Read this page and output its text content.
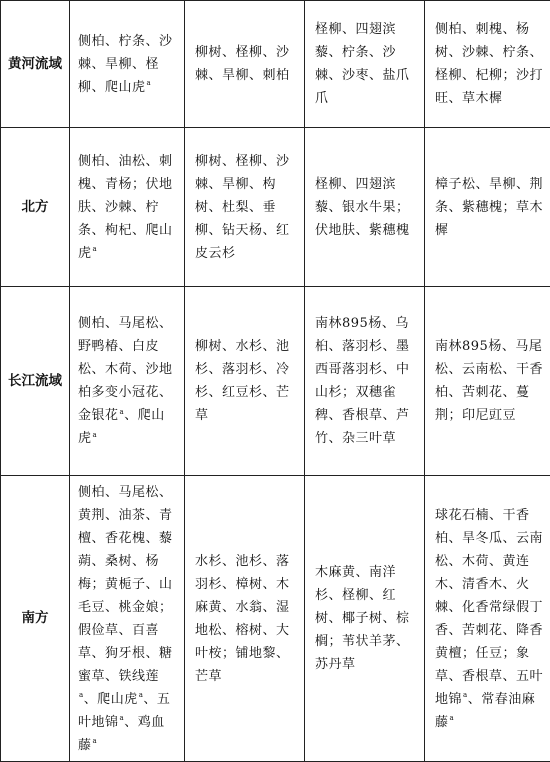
黄河流域	侧柏、柠条、沙棘、旱柳、柽柳、爬山虎$^a$	柳树、柽柳、沙棘、旱柳、刺柏	柽柳、四翅滨藜、柠条、沙棘、沙枣、盐爪爪	侧柏、刺槐、杨树、沙棘、柠条、柽柳、杞柳；沙打旺、草木樨
北方	侧柏、油松、刺槐、青杨；伏地肤、沙棘、柠条、枸杞、爬山虎$^a$	柳树、柽柳、沙棘、旱柳、构树、杜梨、垂柳、钻天杨、红皮云杉	柽柳、四翅滨藜、银水牛果；伏地肤、紫穗槐	樟子松、旱柳、荆条、紫穗槐；草木樨
长江流域	侧柏、马尾松、野鸭椿、白皮松、木荷、沙地柏多变小冠花、金银花$^a$、爬山虎$^a$	柳树、水杉、池杉、落羽杉、冷杉、红豆杉、芒草	南林895杨、乌桕、落羽杉、墨西哥落羽杉、中山杉；双穗雀稗、香根草、芦竹、杂三叶草	南林895杨、马尾松、云南松、干香柏、苦刺花、蔓荆；印尼豇豆
南方	侧柏、马尾松、黄荆、油茶、青檀、香花槐、藜蒴、桑树、杨梅；黄栀子、山毛豆、桃金娘；假俭草、百喜草、狗牙根、糖蜜草、铁线莲$^a$、爬山虎$^a$、五叶地锦$^a$、鸡血藤$^a$	水杉、池杉、落羽杉、樟树、木麻黄、水翁、湿地松、榕树、大叶桉；铺地黎、芒草	木麻黄、南洋杉、柽柳、红树、椰子树、棕榈；苇状羊茅、苏丹草	球花石楠、干香柏、旱冬瓜、云南松、木荷、黄连木、清香木、火棘、化香常绿假丁香、苦刺花、降香黄檀；任豆；象草、香根草、五叶地锦$^a$、常春油麻藤$^a$
